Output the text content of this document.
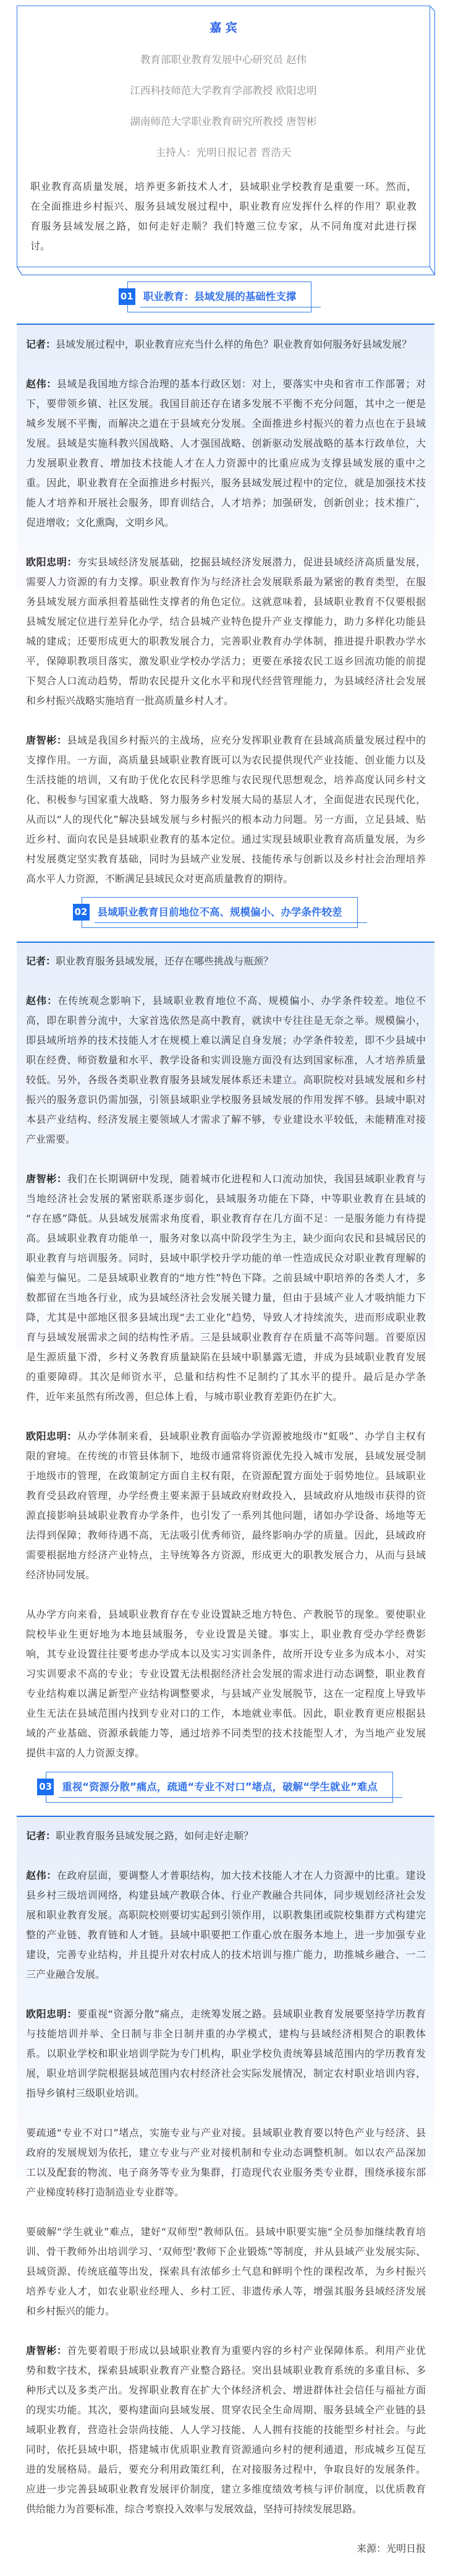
嘉 宾
教育部职业教育发展中心研究员 赵伟
江西科技师范大学教育学部教授 欧阳忠明
湖南师范大学职业教育研究所教授 唐智彬
主持人：光明日报记者 晋浩天
职业教育高质量发展，培养更多新技术人才，县域职业学校教育是重要一环。然而，
在全面推进乡村振兴、服务县域发展过程中，职业教育应发挥什么样的作用？职业教
育服务县域发展之路，如何走好走顺？我们特邀三位专家，从不同角度对此进行探
讨。
职业教育：县域发展的基础性支撑
01
记者：县域发展过程中，职业教育应充当什么样的角色？职业教育如何服务好县域发展？
赵伟：县域是我国地方综合治理的基本行政区划：对上，要落实中央和省市工作部署；对
下，要带领乡镇、社区发展。我国目前还存在诸多发展不平衡不充分问题，其中之一便是
城乡发展不平衡，而解决之道在于县域充分发展。全面推进乡村振兴的着力点也在于县域
发展。县域是实施科教兴国战略、人才强国战略、创新驱动发展战略的基本行政单位，大
力发展职业教育、增加技术技能人才在人力资源中的比重应成为支撑县域发展的重中之
重。因此，职业教育在全面推进乡村振兴，服务县域发展过程中的定位，就是加强技术技
能人才培养和开展社会服务，即育训结合，人才培养；加强研发，创新创业；技术推广，
促进增收；文化熏陶，文明乡风。
欧阳忠明：夯实县域经济发展基础，挖掘县域经济发展潜力，促进县域经济高质量发展，
需要人力资源的有力支撑。职业教育作为与经济社会发展联系最为紧密的教育类型，在服
务县域发展方面承担着基础性支撑者的角色定位。这就意味着，县域职业教育不仅要根据
县城发展定位进行差异化办学，结合县城产业特色提升产业支撑能力，助力多样化功能县
城的建成；还要形成更大的职教发展合力，完善职业教育办学体制，推进提升职教办学水
平，保障职教项目落实，激发职业学校办学活力；更要在承接农民工返乡回流功能的前提
下契合人口流动趋势，帮助农民提升文化水平和现代经营管理能力，为县域经济社会发展
和乡村振兴战略实施培育一批高质量乡村人才。
唐智彬：县域是我国乡村振兴的主战场，应充分发挥职业教育在县域高质量发展过程中的
支撑作用。一方面，高质量县域职业教育既可以为农民提供现代产业技能、创业能力以及
生活技能的培训，又有助于优化农民科学思维与农民现代思想观念，培养高度认同乡村文
化、积极参与国家重大战略、努力服务乡村发展大局的基层人才，全面促进农民现代化，
从而以“人的现代化”解决县域发展与乡村振兴的根本动力问题。另一方面，立足县域、贴
近乡村、面向农民是县域职业教育的基本定位。通过实现县域职业教育高质量发展，为乡
村发展奠定坚实教育基础，同时为县域产业发展、技能传承与创新以及乡村社会治理培养
高水平人力资源，不断满足县域民众对更高质量教育的期待。
县域职业教育目前地位不高、规模偏小、办学条件较差
02
记者：职业教育服务县域发展，还存在哪些挑战与瓶颈？
赵伟：在传统观念影响下，县域职业教育地位不高、规模偏小、办学条件较差。地位不
高，即在职普分流中，大家首选依然是高中教育，就读中专往往是无奈之举。规模偏小，
即县域所培养的技术技能人才在规模上难以满足自身发展；办学条件较差，即不少县域中
职在经费、师资数量和水平、教学设备和实训设施方面没有达到国家标准，人才培养质量
较低。另外，各级各类职业教育服务县域发展体系还未建立。高职院校对县域发展和乡村
振兴的服务意识仍需加强，引领县域职业学校服务县域发展的作用发挥不够。县域中职对
本县产业结构、经济发展主要领域人才需求了解不够，专业建设水平较低，未能精准对接
产业需要。
唐智彬：我们在长期调研中发现，随着城市化进程和人口流动加快，我国县域职业教育与
当地经济社会发展的紧密联系逐步弱化，县域服务功能在下降，中等职业教育在县域的
“存在感”降低。从县域发展需求角度看，职业教育存在几方面不足：一是服务能力有待提
高。县域职业教育功能单一，服务对象以高中阶段学生为主，缺少面向农民和县城居民的
职业教育与培训服务。同时，县域中职学校升学功能的单一性造成民众对职业教育理解的
偏差与偏见。二是县域职业教育的“地方性”特色下降。之前县域中职培养的各类人才，多
数都留在当地各行业，成为县域经济社会发展关键力量，但由于县域产业人才吸纳能力下
降，尤其是中部地区很多县域出现“去工业化”趋势，导致人才持续流失，进而形成职业教
育与县域发展需求之间的结构性矛盾。三是县域职业教育存在质量不高等问题。首要原因
是生源质量下滑，乡村义务教育质量缺陷在县域中职暴露无遗，并成为县域职业教育发展
的重要障碍。其次是师资水平，总量和结构性不足制约了其水平的提升。最后是办学条
件，近年来虽然有所改善，但总体上看，与城市职业教育差距仍在扩大。
欧阳忠明：从办学体制来看，县域职业教育面临办学资源被地级市“虹吸”、办学自主权有
限的窘境。在传统的市管县体制下，地级市通常将资源优先投入城市发展，县域发展受制
于地级市的管理，在政策制定方面自主权有限，在资源配置方面处于弱势地位。县域职业
教育受县政府管理，办学经费主要来源于县域政府财政投入，县域政府从地级市获得的资
源直接影响县域职业教育办学条件，也引发了一系列其他问题，诸如办学设备、场地等无
法得到保障；教师待遇不高，无法吸引优秀师资，最终影响办学的质量。因此，县域政府
需要根据地方经济产业特点，主导统筹各方资源，形成更大的职教发展合力，从而与县域
经济协同发展。
从办学方向来看，县域职业教育存在专业设置缺乏地方特色、产教脱节的现象。要使职业
院校毕业生更好地为本地县域服务，专业设置是关键。事实上，职业教育受办学经费影
响，其专业设置往往要考虑办学成本以及实习实训条件，故所开设专业多为成本小、对实
习实训要求不高的专业；专业设置无法根据经济社会发展的需求进行动态调整，职业教育
专业结构难以满足新型产业结构调整要求，与县域产业发展脱节，这在一定程度上导致毕
业生无法在县域范围内找到专业对口的工作，本地就业率低。因此，职业教育更应根据县
域的产业基础、资源承载能力等，通过培养不同类型的技术技能型人才，为当地产业发展
提供丰富的人力资源支撑。
重视“资源分散”痛点，疏通“专业不对口”堵点，破解“学生就业”难点
03
记者：职业教育服务县域发展之路，如何走好走顺？
赵伟：在政府层面，要调整人才普职结构，加大技术技能人才在人力资源中的比重。建设
县乡村三级培训网络，构建县域产教联合体、行业产教融合共同体，同步规划经济社会发
展和职业教育发展。高职院校则要切实起到引领作用，以职教集团或院校集群方式构建完
整的产业链、教育链和人才链。县域中职要把工作重心放在服务本地上，进一步加强专业
建设，完善专业结构，并且提升对农村成人的技术培训与推广能力，助推城乡融合、一二
三产业融合发展。
欧阳忠明：要重视“资源分散”痛点，走统筹发展之路。县域职业教育发展要坚持学历教育
与技能培训并举、全日制与非全日制并重的办学模式，建构与县域经济相契合的职教体
系。以职业学校和职业培训学院为专门机构，职业学校负责统筹县域范围内的学历教育发
展，职业培训学院根据县域范围内农村经济社会实际发展情况，制定农村职业培训内容，
指导乡镇村三级职业培训。
要疏通“专业不对口”堵点，实施专业与产业对接。县域职业教育要以特色产业与经济、县
政府的发展规划为依托，建立专业与产业对接机制和专业动态调整机制。如以农产品深加
工以及配套的物流、电子商务等专业为集群，打造现代农业服务类专业群，围绕承接东部
产业梯度转移打造制造业专业群等。
要破解“学生就业”难点，建好“双师型”教师队伍。县域中职要实施“全员参加继续教育培
训、骨干教师外出培训学习、‘双师型’教师下企业锻炼”等制度，并从县域产业发展实际、
县域资源、传统底蕴等出发，探索具有浓郁乡土气息和鲜明个性的课程改革，为乡村振兴
培养专业人才，如农业职业经理人、乡村工匠、非遗传承人等，增强其服务县域经济发展
和乡村振兴的能力。
唐智彬：首先要着眼于形成以县域职业教育为重要内容的乡村产业保障体系。利用产业优
势和数字技术，探索县域职业教育产业整合路径。突出县域职业教育系统的多重目标、多
种形式以及多类产出。发挥职业教育在扩大个体经济机会、增进群体社会信任与福祉方面
的现实功能。其次，要构建面向县域发展、贯穿农民全生命周期、服务县域全产业链的县
域职业教育，营造社会崇尚技能、人人学习技能、人人拥有技能的技能型乡村社会。与此
同时，依托县域中职，搭建城市优质职业教育资源通向乡村的便利通道，形成城乡互促互
进的发展格局。最后，要充分利用政策红利，在对接服务过程中，争取良好的发展条件。
应进一步完善县域职业教育发展评价制度，建立多维度绩效考核与评价制度，以优质教育
供给能力为首要标准，综合考察投入效率与发展效益，坚持可持续发展思路。
来源：光明日报
